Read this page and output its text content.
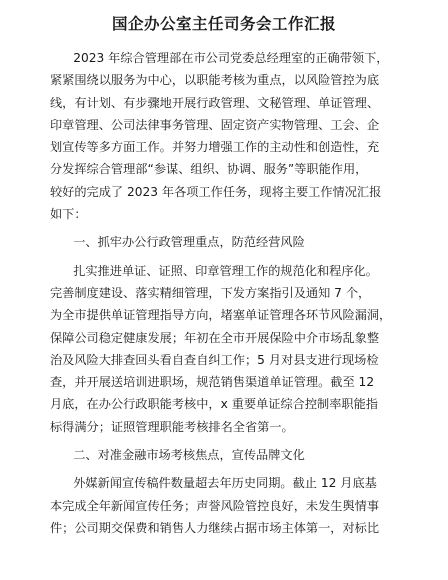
国企办公室主任司务会工作汇报

2023 年综合管理部在市公司党委总经理室的正确带领下，
紧紧围绕以服务为中心，以职能考核为重点，以风险管控为底
线，有计划、有步骤地开展行政管理、文秘管理、单证管理、
印章管理、公司法律事务管理、固定资产实物管理、工会、企
划宣传等多方面工作。并努力增强工作的主动性和创造性，充
分发挥综合管理部“参谋、组织、协调、服务”等职能作用，
较好的完成了 2023 年各项工作任务，现将主要工作情况汇报
如下：

一、抓牢办公行政管理重点，防范经营风险

扎实推进单证、证照、印章管理工作的规范化和程序化。
完善制度建设、落实精细管理，下发方案指引及通知 7 个，
为全市提供单证管理指导方向，堵塞单证管理各环节风险漏洞，
保障公司稳定健康发展；年初在全市开展保险中介市场乱象整
治及风险大排查回头看自查自纠工作；5 月对县支进行现场检
查，并开展送培训进职场，规范销售渠道单证管理。截至 12
月底，在办公行政职能考核中，x 重要单证综合控制率职能指
标得满分；证照管理职能考核排名全省第一。

二、对准金融市场考核焦点，宣传品牌文化

外媒新闻宣传稿件数量超去年历史同期。截止 12 月底基
本完成全年新闻宣传任务；声誉风险管控良好，未发生舆情事
件；公司期交保费和销售人力继续占据市场主体第一，对标比
